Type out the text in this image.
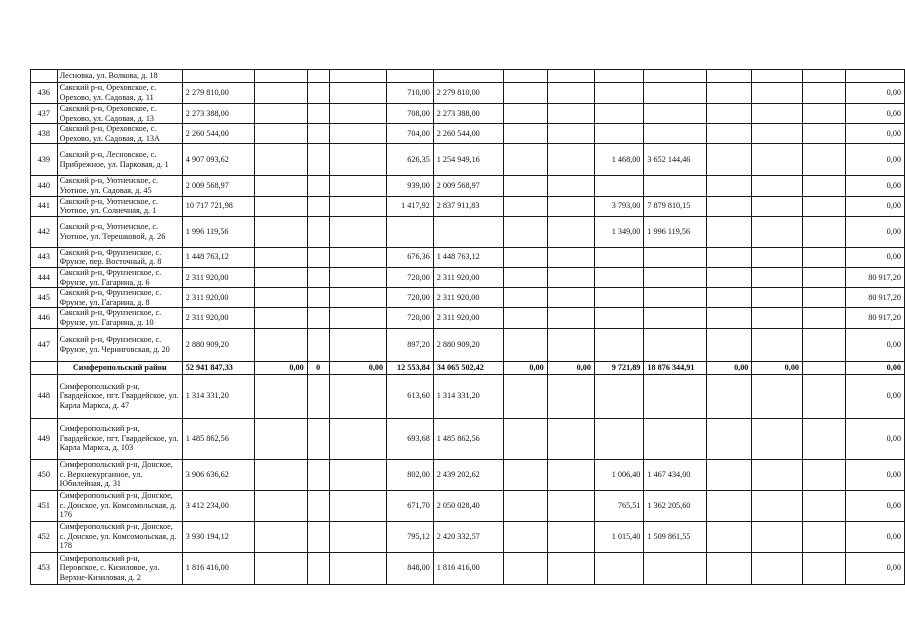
	Лесновка, ул. Волкова, д. 18														
436	Сакский р-н, Ореховское, с. Орехово, ул. Садовая, д. 11	2 279 810,00				710,00	2 279 810,00								0,00
437	Сакский р-н, Ореховское, с. Орехово, ул. Садовая, д. 13	2 273 388,00				708,00	2 273 388,00								0,00
438	Сакский р-н, Ореховское, с. Орехово, ул. Садовая, д. 13А	2 260 544,00				704,00	2 260 544,00								0,00
439	Сакский р-н, Лесновское, с. Прибрежное, ул. Парковая, д. 1	4 907 093,62				626,35	1 254 949,16			1 468,00	3 652 144,46				0,00
440	Сакский р-н, Уютненское, с. Уютное, ул. Садовая, д. 45	2 009 568,97				939,00	2 009 568,97								0,00
441	Сакский р-н, Уютненское, с. Уютное, ул. Солнечная, д. 1	10 717 721,98				1 417,92	2 837 911,83			3 793,00	7 879 810,15				0,00
442	Сакский р-н, Уютненское, с. Уютное, ул. Терешковой, д. 26	1 996 119,56								1 349,00	1 996 119,56				0,00
443	Сакский р-н, Фрунзенское, с. Фрунзе, пер. Восточный, д. 8	1 448 763,12				676,36	1 448 763,12								0,00
444	Сакский р-н, Фрунзенское, с. Фрунзе, ул. Гагарина, д. 6	2 311 920,00				720,00	2 311 920,00								80 917,20
445	Сакский р-н, Фрунзенское, с. Фрунзе, ул. Гагарина, д. 8	2 311 920,00				720,00	2 311 920,00								80 917,20
446	Сакский р-н, Фрунзенское, с. Фрунзе, ул. Гагарина, д. 10	2 311 920,00				720,00	2 311 920,00								80 917,20
447	Сакский р-н, Фрунзенское, с. Фрунзе, ул. Черниговская, д. 20	2 880 909,20				897,20	2 880 909,20								0,00
	Симферопольский район	52 941 847,33	0,00	0	0,00	12 553,84	34 065 502,42	0,00	0,00	9 721,89	18 876 344,91	0,00	0,00		0,00
448	Симферопольский р-н, Гвардейское, пгт. Гвардейское, ул. Карла Маркса, д. 47	1 314 331,20				613,60	1 314 331,20								0,00
449	Симферопольский р-н, Гвардейское, пгт. Гвардейское, ул. Карла Маркса, д. 103	1 485 862,56				693,68	1 485 862,56								0,00
450	Симферопольский р-н, Донское, с. Верхнекурганное, ул. Юбилейная, д. 31	3 906 636,62				802,00	2 439 202,62			1 006,40	1 467 434,00				0,00
451	Симферопольский р-н, Донское, с. Донское, ул. Комсомольская, д. 176	3 412 234,00				671,70	2 050 028,40			765,51	1 362 205,60				0,00
452	Симферопольский р-н, Донское, с. Донское, ул. Комсомольская, д. 178	3 930 194,12				795,12	2 420 332,57			1 015,40	1 509 861,55				0,00
453	Симферопольский р-н, Перовское, с. Кизиловое, ул. Верхне-Кизиловая, д. 2	1 816 416,00				848,00	1 816 416,00								0,00
